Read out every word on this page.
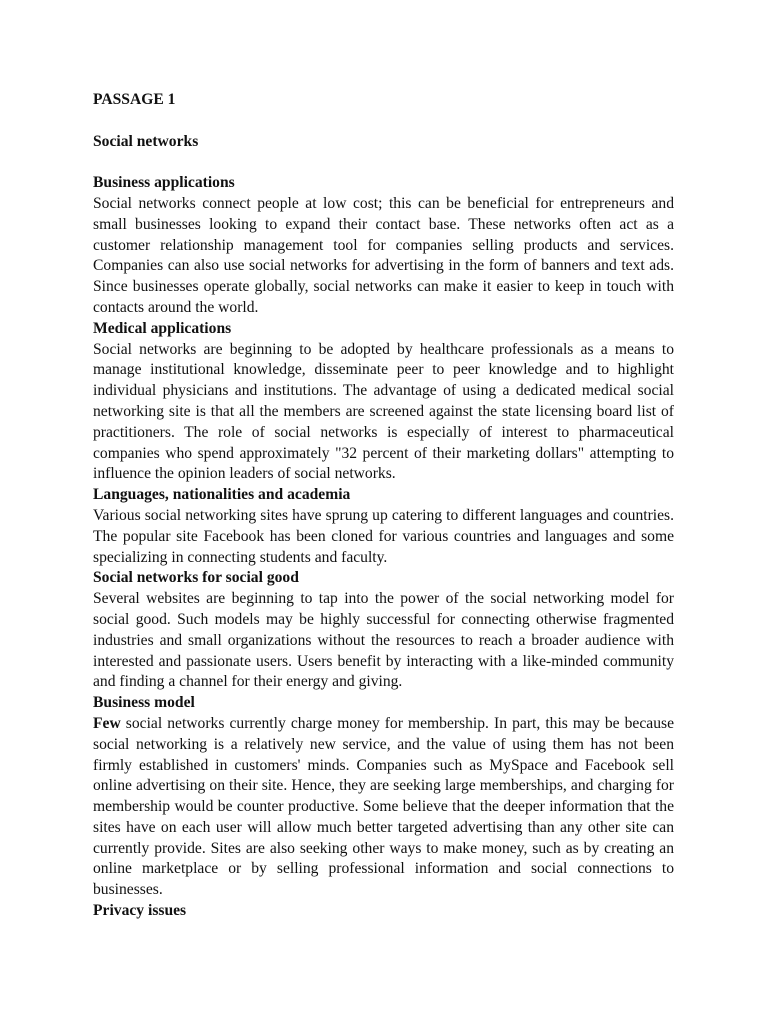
PASSAGE 1

Social networks

Business applications

Social networks connect people at low cost; this can be beneficial for entrepreneurs and small businesses looking to expand their contact base. These networks often act as a customer relationship management tool for companies selling products and services. Companies can also use social networks for advertising in the form of banners and text ads. Since businesses operate globally, social networks can make it easier to keep in touch with contacts around the world.

Medical applications

Social networks are beginning to be adopted by healthcare professionals as a means to manage institutional knowledge, disseminate peer to peer knowledge and to highlight individual physicians and institutions. The advantage of using a dedicated medical social networking site is that all the members are screened against the state licensing board list of practitioners. The role of social networks is especially of interest to pharmaceutical companies who spend approximately "32 percent of their marketing dollars" attempting to influence the opinion leaders of social networks.

Languages, nationalities and academia

Various social networking sites have sprung up catering to different languages and countries. The popular site Facebook has been cloned for various countries and languages and some specializing in connecting students and faculty.

Social networks for social good

Several websites are beginning to tap into the power of the social networking model for social good. Such models may be highly successful for connecting otherwise fragmented industries and small organizations without the resources to reach a broader audience with interested and passionate users. Users benefit by interacting with a like-minded community and finding a channel for their energy and giving.

Business model

Few social networks currently charge money for membership. In part, this may be because social networking is a relatively new service, and the value of using them has not been firmly established in customers' minds. Companies such as MySpace and Facebook sell online advertising on their site. Hence, they are seeking large memberships, and charging for membership would be counter productive. Some believe that the deeper information that the sites have on each user will allow much better targeted advertising than any other site can currently provide. Sites are also seeking other ways to make money, such as by creating an online marketplace or by selling professional information and social connections to businesses.

Privacy issues
